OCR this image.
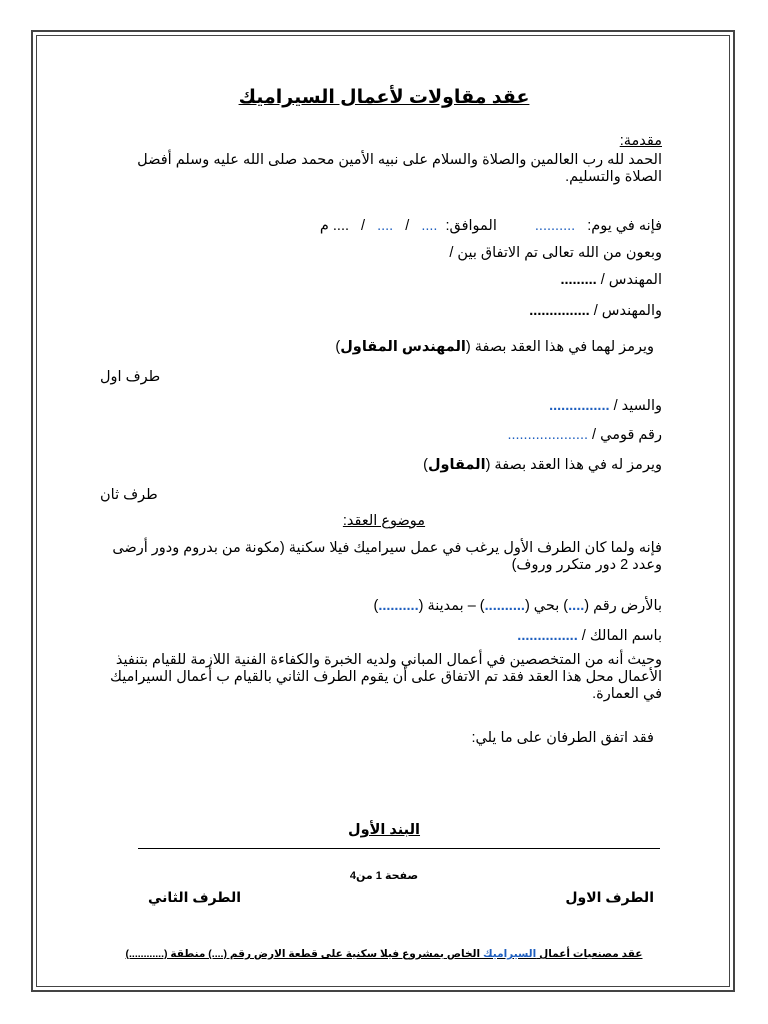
عقد مقاولات لأعمال السيراميك
مقدمة:
الحمد لله رب العالمين والصلاة والسلام على نبيه الأمين محمد صلى الله عليه وسلم أفضل الصلاة والتسليم.
فإنه في يوم: .......... الموافق: .... / .... / .... م
وبعون من الله تعالى تم الاتفاق بين /
المهندس / .........
والمهندس / ...............
ويرمز لهما في هذا العقد بصفة (المهندس المقاول)
طرف اول
والسيد / ...............
رقم قومي / ....................
ويرمز له في هذا العقد بصفة (المقاول)
طرف ثان
موضوع العقد:
فإنه ولما كان الطرف الأول يرغب في عمل سيراميك فيلا سكنية (مكونة من بدروم ودور أرضى وعدد 2 دور متكرر وروف)
بالأرض رقم (....) بحي (..........) – بمدينة (..........)
باسم المالك / ...............
وحيث أنه من المتخصصين في أعمال المباني ولديه الخبرة والكفاءة الفنية اللازمة للقيام بتنفيذ الأعمال محل هذا العقد فقد تم الاتفاق على أن يقوم الطرف الثاني بالقيام ب أعمال السيراميك في العمارة.
فقد اتفق الطرفان على ما يلي:
البند الأول
صفحة 1 من4
الطرف الاول
الطرف الثاني
عقد مصنعيات أعمال السيراميك الخاص بمشروع فيلا سكنية على قطعة الارض رقم (....) منطقة (............)
